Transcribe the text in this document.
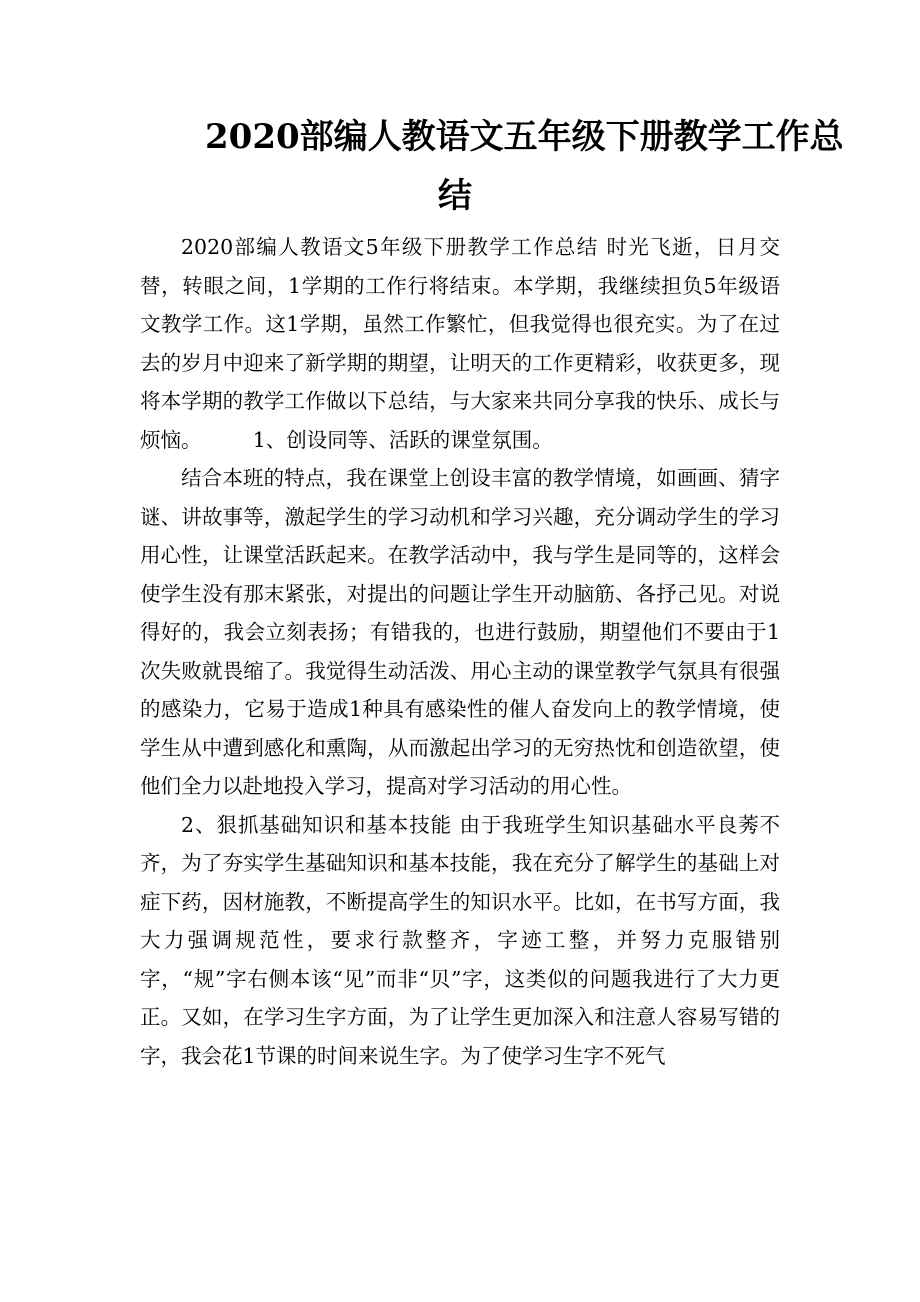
2020部编人教语文五年级下册教学工作总
结

2020部编人教语文5年级下册教学工作总结 时光飞逝，日月交替，转眼之间，1学期的工作行将结束。本学期，我继续担负5年级语文教学工作。这1学期，虽然工作繁忙，但我觉得也很充实。为了在过去的岁月中迎来了新学期的期望，让明天的工作更精彩，收获更多，现将本学期的教学工作做以下总结，与大家来共同分享我的快乐、成长与烦恼。　　　1、创设同等、活跃的课堂氛围。

结合本班的特点，我在课堂上创设丰富的教学情境，如画画、猜字谜、讲故事等，激起学生的学习动机和学习兴趣，充分调动学生的学习用心性，让课堂活跃起来。在教学活动中，我与学生是同等的，这样会使学生没有那末紧张，对提出的问题让学生开动脑筋、各抒己见。对说得好的，我会立刻表扬；有错我的，也进行鼓励，期望他们不要由于1次失败就畏缩了。我觉得生动活泼、用心主动的课堂教学气氛具有很强的感染力，它易于造成1种具有感染性的催人奋发向上的教学情境，使学生从中遭到感化和熏陶，从而激起出学习的无穷热忱和创造欲望，使他们全力以赴地投入学习，提高对学习活动的用心性。

2、狠抓基础知识和基本技能 由于我班学生知识基础水平良莠不齐，为了夯实学生基础知识和基本技能，我在充分了解学生的基础上对症下药，因材施教，不断提高学生的知识水平。比如，在书写方面，我大力强调规范性，要求行款整齐，字迹工整，并努力克服错别字，“规”字右侧本该“见”而非“贝”字，这类似的问题我进行了大力更正。又如，在学习生字方面，为了让学生更加深入和注意人容易写错的字，我会花1节课的时间来说生字。为了使学习生字不死气
